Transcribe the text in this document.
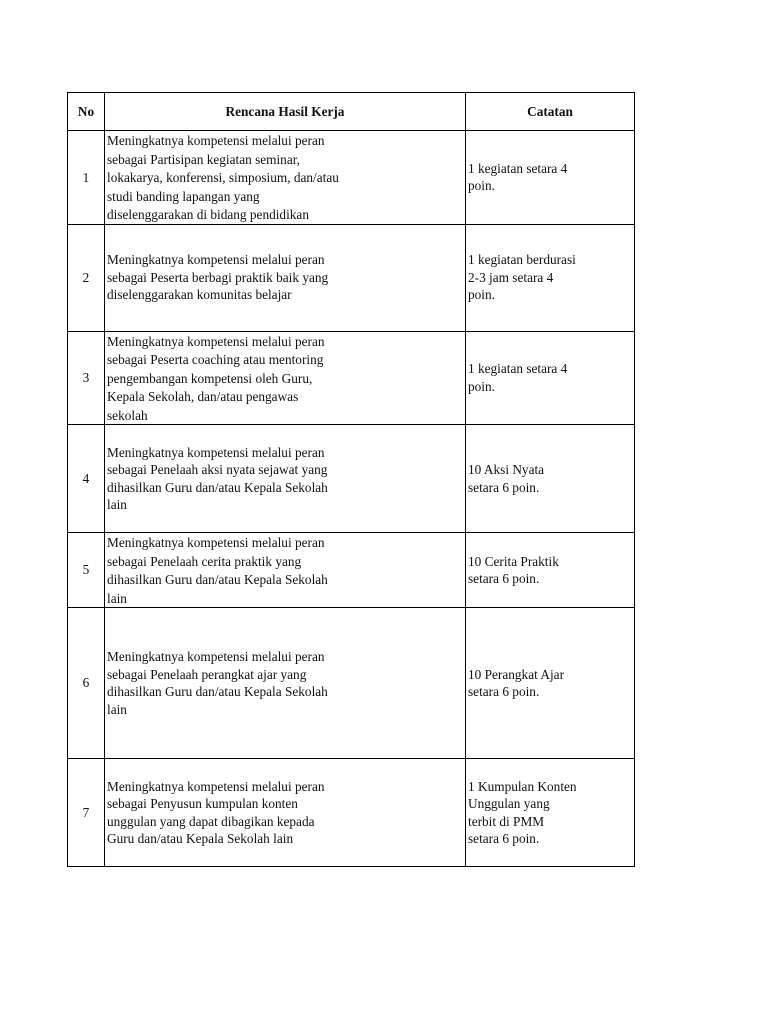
No	Rencana Hasil Kerja	Catatan
1	Meningkatnya kompetensi melalui peran
sebagai Partisipan kegiatan seminar,
lokakarya, konferensi, simposium, dan/atau
studi banding lapangan yang
diselenggarakan di bidang pendidikan	1 kegiatan setara 4
poin.

2	Meningkatnya kompetensi melalui peran
sebagai Peserta berbagi praktik baik yang
diselenggarakan komunitas belajar	1 kegiatan berdurasi
2-3 jam setara 4
poin.

3	Meningkatnya kompetensi melalui peran
sebagai Peserta coaching atau mentoring
pengembangan kompetensi oleh Guru,
Kepala Sekolah, dan/atau pengawas
sekolah	1 kegiatan setara 4
poin.

4	Meningkatnya kompetensi melalui peran
sebagai Penelaah aksi nyata sejawat yang
dihasilkan Guru dan/atau Kepala Sekolah
lain	10 Aksi Nyata
setara 6 poin.

5	Meningkatnya kompetensi melalui peran
sebagai Penelaah cerita praktik yang
dihasilkan Guru dan/atau Kepala Sekolah
lain	10 Cerita Praktik
setara 6 poin.

6	Meningkatnya kompetensi melalui peran
sebagai Penelaah perangkat ajar yang
dihasilkan Guru dan/atau Kepala Sekolah
lain	10 Perangkat Ajar
setara 6 poin.

7	Meningkatnya kompetensi melalui peran
sebagai Penyusun kumpulan konten
unggulan yang dapat dibagikan kepada
Guru dan/atau Kepala Sekolah lain	1 Kumpulan Konten
Unggulan yang
terbit di PMM
setara 6 poin.
